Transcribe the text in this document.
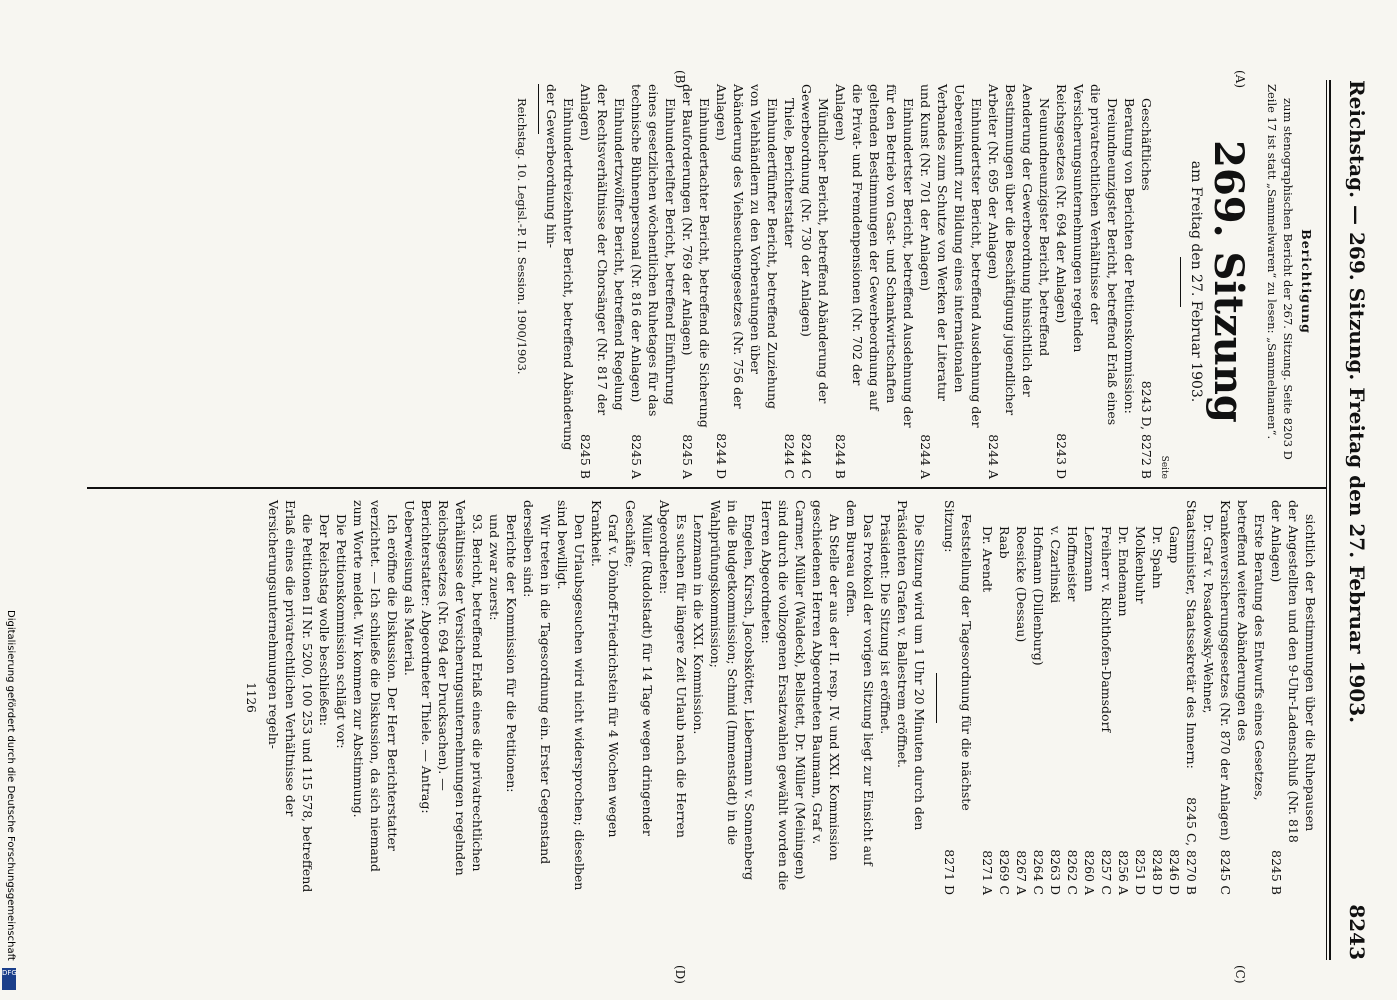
Reichstag. — 269. Sitzung. Freitag den 27. Februar 1903.
8243
(A)
(B)
(C)
(D)
Berichtigung
zum stenographischen Bericht der 267. Sitzung. Seite 8203 D Zeile 17 ist statt „Sammelwaren“ zu lesen: „Sammelnamen“.
269. Sitzung
am Freitag den 27. Februar 1903.
Seite
Geschäftliches
8243 D, 8272 B
Beratung von Berichten der Petitionskommission:
Dreiundneunzigster Bericht, betreffend Erlaß eines die privatrechtlichen Verhältnisse der Versicherungsunternehmungen regelnden Reichsgesetzes (Nr. 694 der Anlagen)
8243 D
Neunundneunzigster Bericht, betreffend Aenderung der Gewerbeordnung hinsichtlich der Bestimmungen über die Beschäftigung jugendlicher Arbeiter (Nr. 695 der Anlagen)
8244 A
Einhundertster Bericht, betreffend Ausdehnung der Uebereinkunft zur Bildung eines internationalen Verbandes zum Schutze von Werken der Literatur und Kunst (Nr. 701 der Anlagen)
8244 A
Einhundertster Bericht, betreffend Ausdehnung der für den Betrieb von Gast- und Schankwirtschaften geltenden Bestimmungen der Gewerbeordnung auf die Privat- und Fremdenpensionen (Nr. 702 der Anlagen)
8244 B
Mündlicher Bericht, betreffend Abänderung der Gewerbeordnung (Nr. 730 der Anlagen)
8244 C
Thiele, Berichterstatter
8244 C
Einhundertfünfter Bericht, betreffend Zuziehung von Viehhändlern zu den Vorberatungen über Abänderung des Viehseuchengesetzes (Nr. 756 der Anlagen)
8244 D
Einhundertachter Bericht, betreffend die Sicherung der Bauforderungen (Nr. 769 der Anlagen)
8245 A
Einhundertelfter Bericht, betreffend Einführung eines gesetzlichen wöchentlichen Ruhetages für das technische Bühnenpersonal (Nr. 816 der Anlagen)
8245 A
Einhundertzwölfter Bericht, betreffend Regelung der Rechtsverhältnisse der Chorsänger (Nr. 817 der Anlagen)
8245 B
Einhundertdreizehnter Bericht, betreffend Abänderung der Gewerbeordnung hin-
Reichstag. 10. Legisl.-P. II. Session. 1900/1903.
sichtlich der Bestimmungen über die Ruhepausen der Angestellten und den 9-Uhr-Ladenschluß (Nr. 818 der Anlagen)
8245 B
Erste Beratung des Entwurfs eines Gesetzes, betreffend weitere Abänderungen des Krankenversicherungsgesetzes (Nr. 870 der Anlagen)
8245 C
Dr. Graf v. Posadowsky-Wehner, Staatsminister, Staatssekretär des Innern:
8245 C, 8270 B
Gamp
8246 D
Dr. Spahn
8248 D
Molkenbuhr
8251 D
Dr. Endemann
8256 A
Freiherr v. Richthofen-Damsdorf
8257 C
Lenzmann
8260 A
Hoffmeister
8262 C
v. Czarlinski
8263 D
Hofmann (Dillenburg)
8264 C
Roesicke (Dessau)
8267 A
Raab
8269 C
Dr. Arendt
8271 A
Feststellung der Tagesordnung für die nächste Sitzung:
8271 D
Die Sitzung wird um 1 Uhr 20 Minuten durch den Präsidenten Grafen v. Ballestrem eröffnet.
Präsident: Die Sitzung ist eröffnet.
Das Protokoll der vorigen Sitzung liegt zur Einsicht auf dem Bureau offen.
An Stelle der aus der II. resp. IV. und XXI. Kommission geschiedenen Herren Abgeordneten Baumann, Graf v. Carmer, Müller (Waldeck), Bellstett, Dr. Müller (Meiningen) sind durch die vollzogenen Ersatzwahlen gewählt worden die Herren Abgeordneten:
Engelen, Kirsch, Jacobskötter, Liebermann v. Sonnenberg in die Budgetkommission; Schmid (Immenstadt) in die Wahlprüfungskommission;
Lenzmann in die XXI. Kommission.
Es suchen für längere Zeit Urlaub nach die Herren Abgeordneten:
Müller (Rudolstadt) für 14 Tage wegen dringender Geschäfte;
Graf v. Dönhoff-Friedrichstein für 4 Wochen wegen Krankheit.
Den Urlaubsgesuchen wird nicht widersprochen; dieselben sind bewilligt.
Wir treten in die Tagesordnung ein. Erster Gegenstand derselben sind:
Berichte der Kommission für die Petitionen:
und zwar zuerst:
93. Bericht, betreffend Erlaß eines die privatrechtlichen Verhältnisse der Versicherungsunternehmungen regelnden Reichsgesetzes (Nr. 694 der Drucksachen). — Berichterstatter: Abgeordneter Thiele. — Antrag: Ueberweisung als Material.
Ich eröffne die Diskussion. Der Herr Berichterstatter verzichtet. — Ich schließe die Diskussion, da sich niemand zum Worte meldet. Wir kommen zur Abstimmung.
Die Petitionskommission schlägt vor:
Der Reichstag wolle beschließen:
die Petitionen II Nr. 5200, 100 253 und 115 578, betreffend Erlaß eines die privatrechtlichen Verhältnisse der Versicherungsunternehmungen regeln-
1126
Digitalisierung gefördert durch die Deutsche Forschungsgemeinschaft
DFG
